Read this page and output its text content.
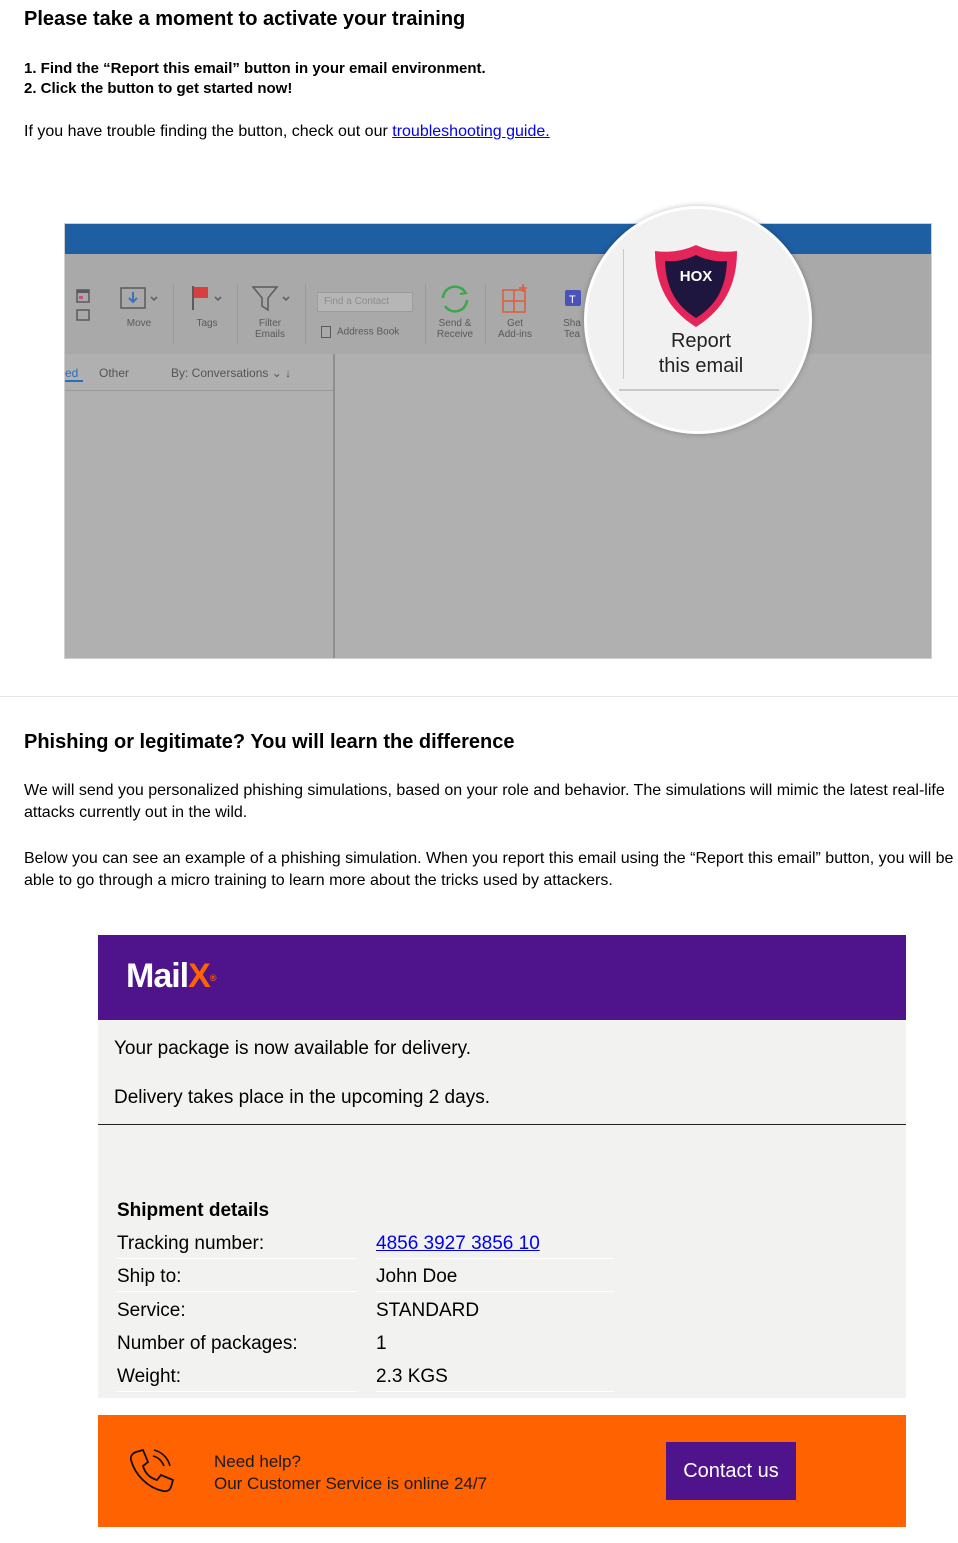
Please take a moment to activate your training
1. Find the “Report this email” button in your email environment.
2. Click the button to get started now!
If you have trouble finding the button, check out our troubleshooting guide.
Move	Tags	Filter
Emails
Find a Contact
Address Book
Send &
Receive
Get
Add-ins
T
Sha
Tea
ed Other	By: Conversations ⌄ ↓
HOX
Report
this email
Phishing or legitimate? You will learn the difference
We will send you personalized phishing simulations, based on your role and behavior. The simulations will mimic the latest real-life attacks currently out in the wild.
Below you can see an example of a phishing simulation. When you report this email using the “Report this email” button, you will be able to go through a micro training to learn more about the tricks used by attackers.
MailX®
Your package is now available for delivery.
Delivery takes place in the upcoming 2 days.
Shipment details
Tracking number:	4856 3927 3856 10
Ship to:	John Doe
Service:	STANDARD
Number of packages:	1
Weight:	2.3 KGS
Need help?
Our Customer Service is online 24/7
Contact us
